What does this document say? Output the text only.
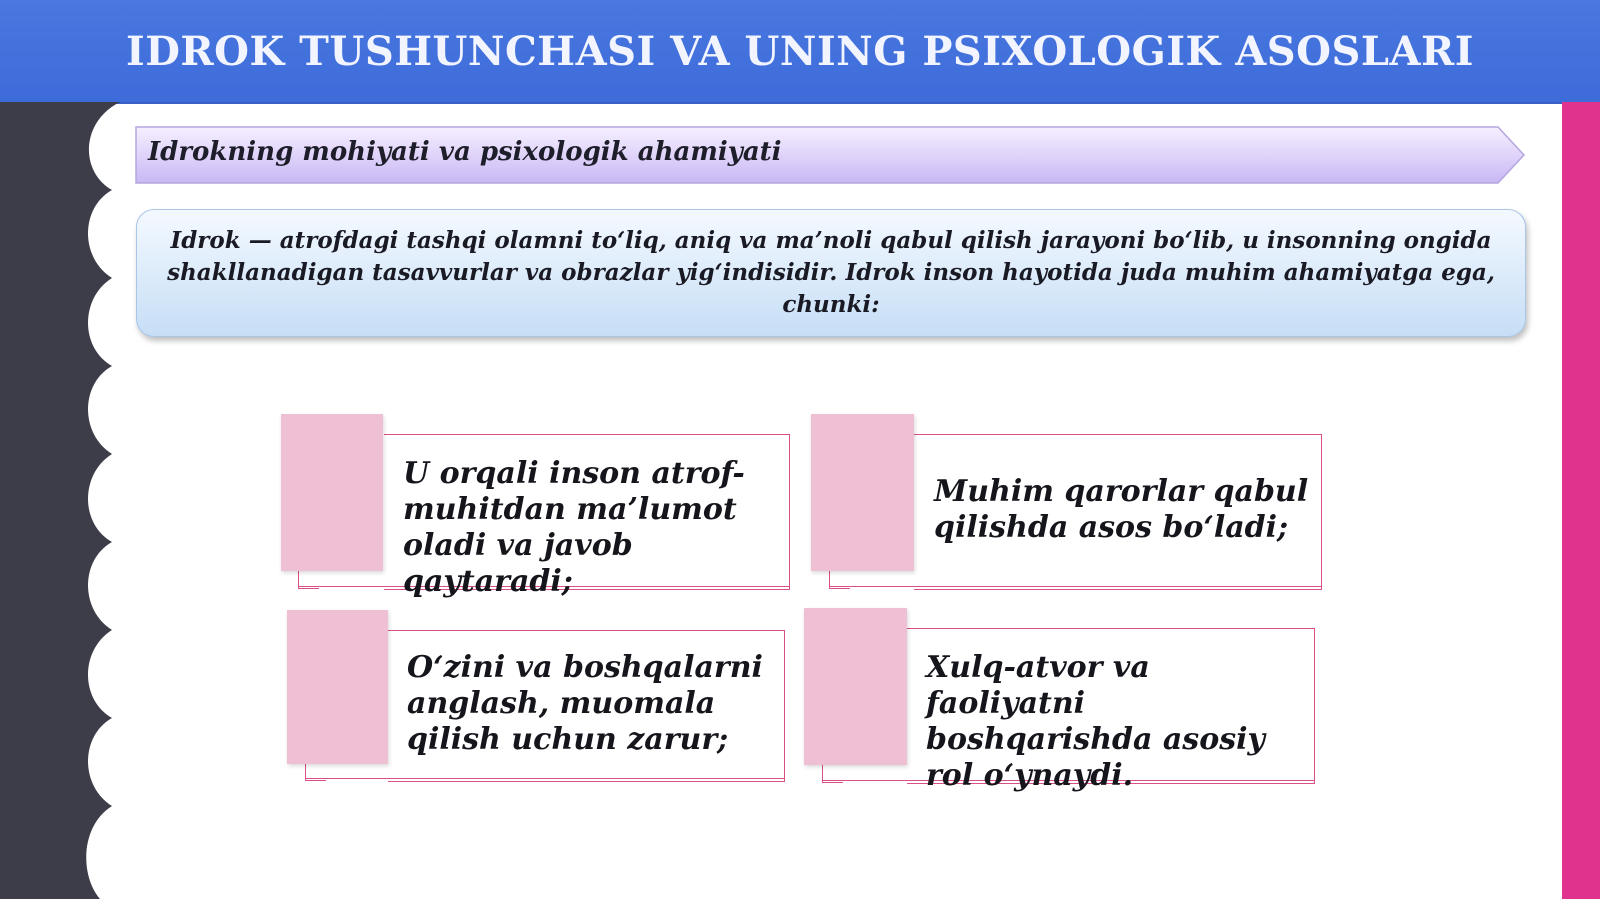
IDROK TUSHUNCHASI VA UNING PSIXOLOGIK ASOSLARI
Idrokning mohiyati va psixologik ahamiyati
Idrok — atrofdagi tashqi olamni to‘liq, aniq va ma’noli qabul qilish jarayoni bo‘lib, u insonning ongida shakllanadigan tasavvurlar va obrazlar yig‘indisidir. Idrok inson hayotida juda muhim ahamiyatga ega, chunki:
U orqali inson atrof-muhitdan ma’lumot oladi va javob qaytaradi;
Muhim qarorlar qabul qilishda asos bo‘ladi;
O‘zini va boshqalarni anglash, muomala qilish uchun zarur;
Xulq-atvor va faoliyatni boshqarishda asosiy rol o‘ynaydi.
